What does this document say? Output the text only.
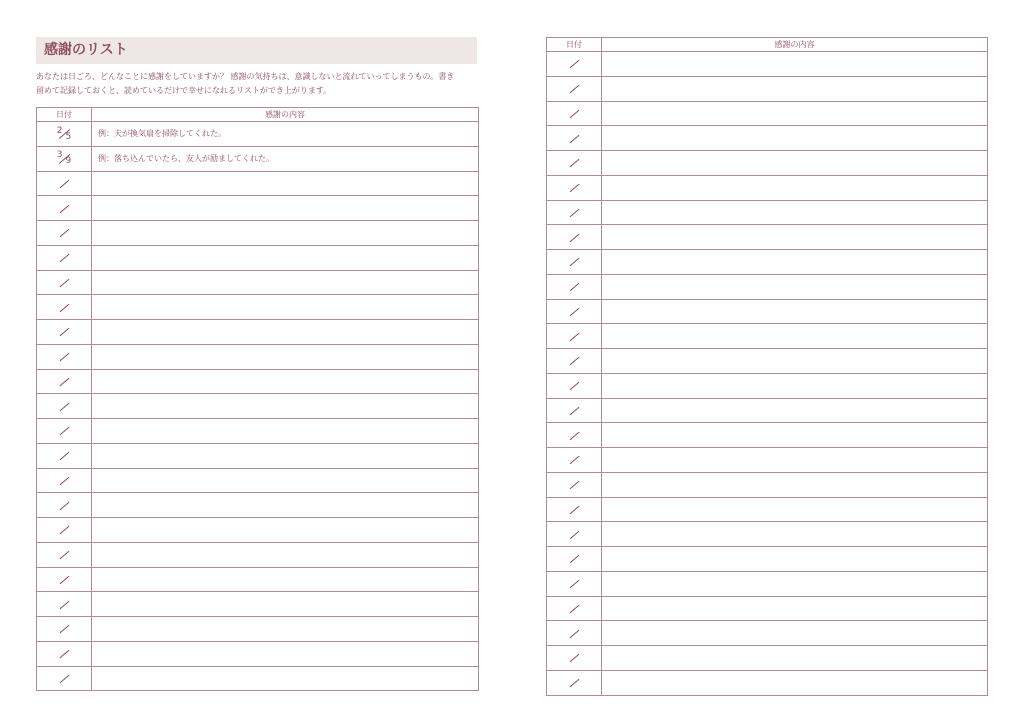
感謝のリスト
あなたは日ごろ、どんなことに感謝をしていますか？ 感謝の気持ちは、意識しないと流れていってしまうもの。書き
留めて記録しておくと、読めているだけで幸せになれるリストができ上がります。
日付	感謝の内容
25	例：夫が換気扇を掃除してくれた。
39	例：落ち込んでいたら、友人が励ましてくれた。

日付	感謝の内容
